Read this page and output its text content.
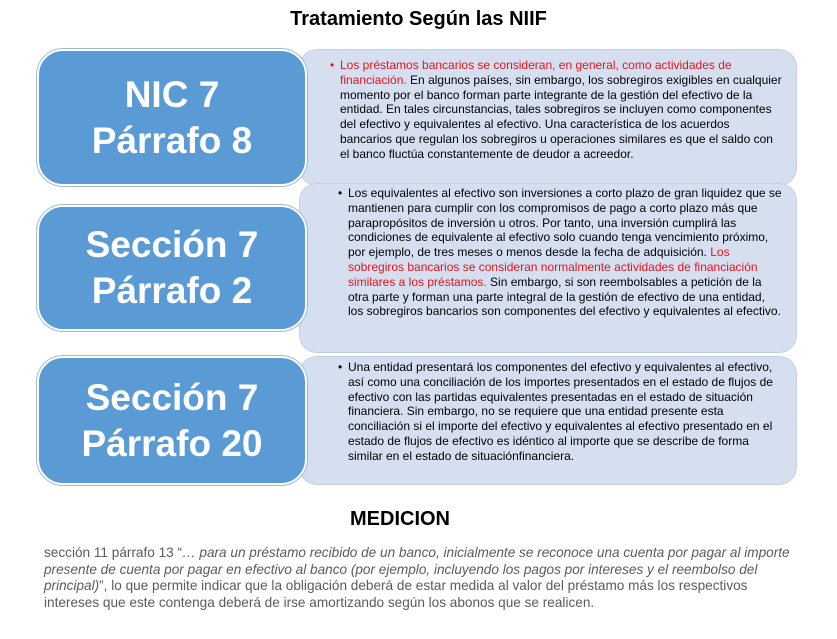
Tratamiento Según las NIIF
• Los préstamos bancarios se consideran, en general, como actividades de financiación. En algunos países, sin embargo, los sobregiros exigibles en cualquier momento por el banco forman parte integrante de la gestión del efectivo de la entidad. En tales circunstancias, tales sobregiros se incluyen como componentes del efectivo y equivalentes al efectivo. Una característica de los acuerdos bancarios que regulan los sobregiros u operaciones similares es que el saldo con el banco fluctúa constantemente de deudor a acreedor.
NIC 7
Párrafo 8
• Los equivalentes al efectivo son inversiones a corto plazo de gran liquidez que se mantienen para cumplir con los compromisos de pago a corto plazo más que parapropósitos de inversión u otros. Por tanto, una inversión cumplirá las condiciones de equivalente al efectivo solo cuando tenga vencimiento próximo, por ejemplo, de tres meses o menos desde la fecha de adquisición. Los sobregiros bancarios se consideran normalmente actividades de financiación similares a los préstamos. Sin embargo, si son reembolsables a petición de la otra parte y forman una parte integral de la gestión de efectivo de una entidad, los sobregiros bancarios son componentes del efectivo y equivalentes al efectivo.
Sección 7
Párrafo 2
• Una entidad presentará los componentes del efectivo y equivalentes al efectivo, así como una conciliación de los importes presentados en el estado de flujos de efectivo con las partidas equivalentes presentadas en el estado de situación financiera. Sin embargo, no se requiere que una entidad presente esta conciliación si el importe del efectivo y equivalentes al efectivo presentado en el estado de flujos de efectivo es idéntico al importe que se describe de forma similar en el estado de situaciónfinanciera.
Sección 7
Párrafo 20
MEDICION
sección 11 párrafo 13 “… para un préstamo recibido de un banco, inicialmente se reconoce una cuenta por pagar al importe presente de cuenta por pagar en efectivo al banco (por ejemplo, incluyendo los pagos por intereses y el reembolso del principal)”, lo que permite indicar que la obligación deberá de estar medida al valor del préstamo más los respectivos intereses que este contenga deberá de irse amortizando según los abonos que se realicen.
